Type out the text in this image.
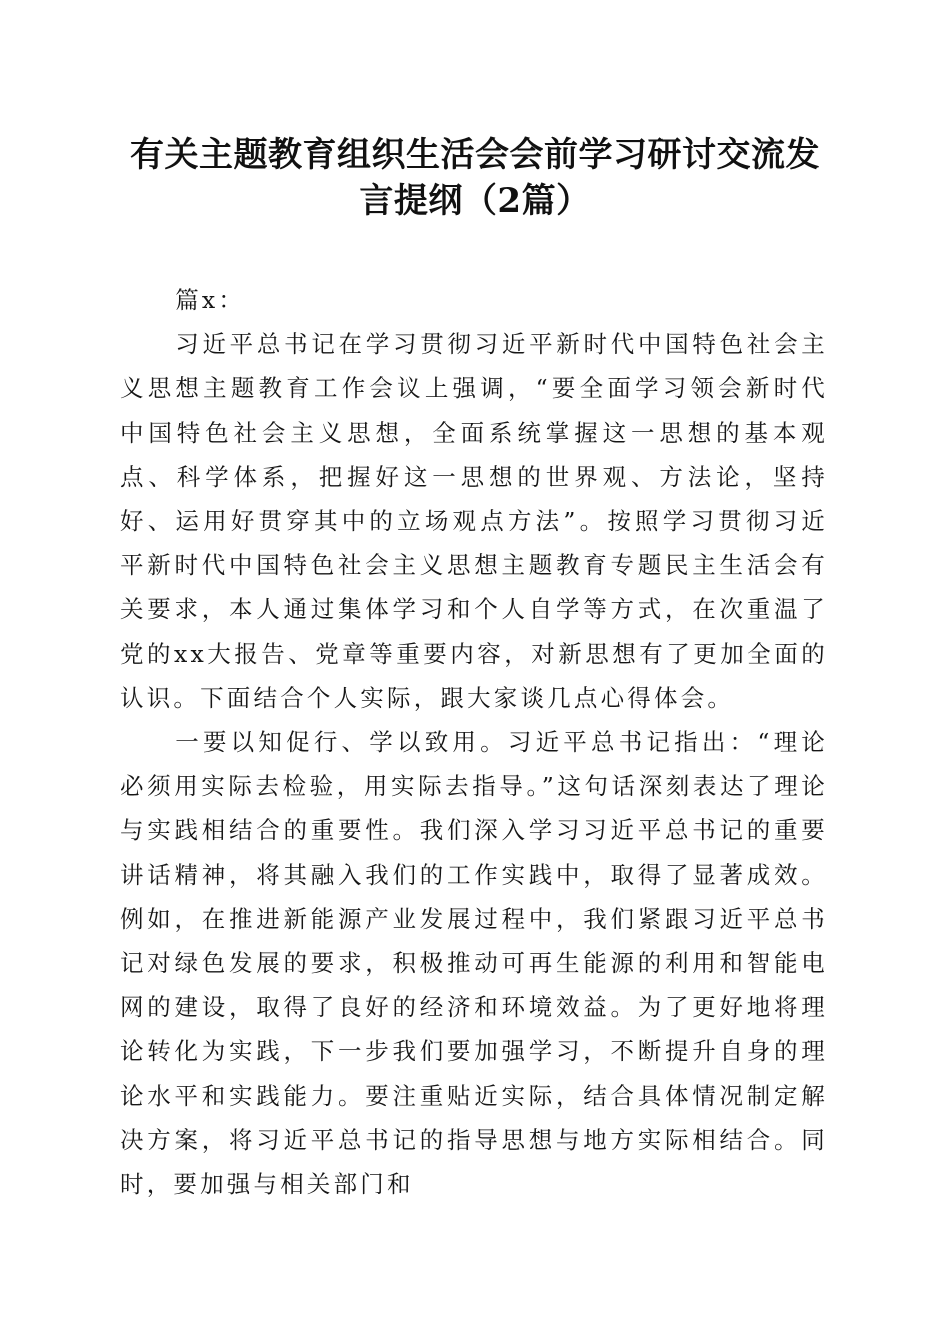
有关主题教育组织生活会会前学习研讨交流发
言提纲（2篇）

篇x：

习近平总书记在学习贯彻习近平新时代中国特色社会主义思想主题教育工作会议上强调，“要全面学习领会新时代中国特色社会主义思想，全面系统掌握这一思想的基本观点、科学体系，把握好这一思想的世界观、方法论，坚持好、运用好贯穿其中的立场观点方法”。按照学习贯彻习近平新时代中国特色社会主义思想主题教育专题民主生活会有关要求，本人通过集体学习和个人自学等方式，在次重温了党的xx大报告、党章等重要内容，对新思想有了更加全面的认识。下面结合个人实际，跟大家谈几点心得体会。

一要以知促行、学以致用。习近平总书记指出：“理论必须用实际去检验，用实际去指导。”这句话深刻表达了理论与实践相结合的重要性。我们深入学习习近平总书记的重要讲话精神，将其融入我们的工作实践中，取得了显著成效。例如，在推进新能源产业发展过程中，我们紧跟习近平总书记对绿色发展的要求，积极推动可再生能源的利用和智能电网的建设，取得了良好的经济和环境效益。为了更好地将理论转化为实践，下一步我们要加强学习，不断提升自身的理论水平和实践能力。要注重贴近实际，结合具体情况制定解决方案，将习近平总书记的指导思想与地方实际相结合。同时，要加强与相关部门和
